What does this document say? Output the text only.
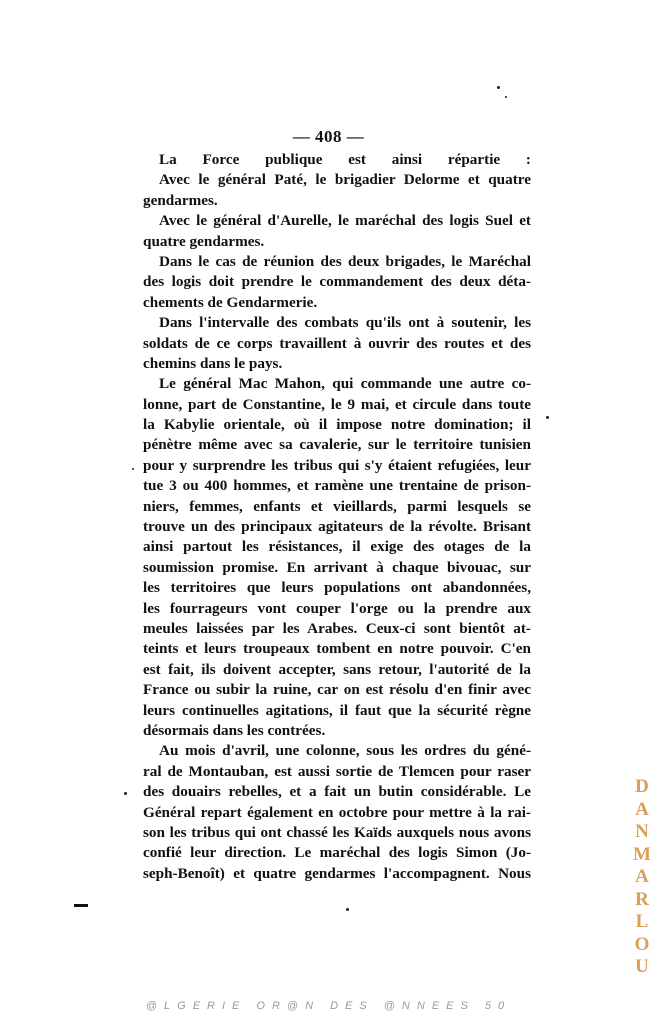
— 408 —
La Force publique est ainsi répartie :
Avec le général Paté, le brigadier Delorme et quatre
gendarmes.
Avec le général d'Aurelle, le maréchal des logis Suel et
quatre gendarmes.
Dans le cas de réunion des deux brigades, le Maréchal
des logis doit prendre le commandement des deux déta-
chements de Gendarmerie.
Dans l'intervalle des combats qu'ils ont à soutenir, les
soldats de ce corps travaillent à ouvrir des routes et des
chemins dans le pays.
Le général Mac Mahon, qui commande une autre co-
lonne, part de Constantine, le 9 mai, et circule dans toute
la Kabylie orientale, où il impose notre domination; il
pénètre même avec sa cavalerie, sur le territoire tunisien
pour y surprendre les tribus qui s'y étaient refugiées, leur
tue 3 ou 400 hommes, et ramène une trentaine de prison-
niers, femmes, enfants et vieillards, parmi lesquels se
trouve un des principaux agitateurs de la révolte. Brisant
ainsi partout les résistances, il exige des otages de la
soumission promise. En arrivant à chaque bivouac, sur
les territoires que leurs populations ont abandonnées,
les fourrageurs vont couper l'orge ou la prendre aux
meules laissées par les Arabes. Ceux-ci sont bientôt at-
teints et leurs troupeaux tombent en notre pouvoir. C'en
est fait, ils doivent accepter, sans retour, l'autorité de la
France ou subir la ruine, car on est résolu d'en finir avec
leurs continuelles agitations, il faut que la sécurité règne
désormais dans les contrées.
Au mois d'avril, une colonne, sous les ordres du géné-
ral de Montauban, est aussi sortie de Tlemcen pour raser
des douairs rebelles, et a fait un butin considérable. Le
Général repart également en octobre pour mettre à la rai-
son les tribus qui ont chassé les Kaïds auxquels nous avons
confié leur direction. Le maréchal des logis Simon (Jo-
seph-Benoît) et quatre gendarmes l'accompagnent. Nous
D
A
N
M
A
R
L
O
U
@LGERIE OR@N DES @NNEES 50
